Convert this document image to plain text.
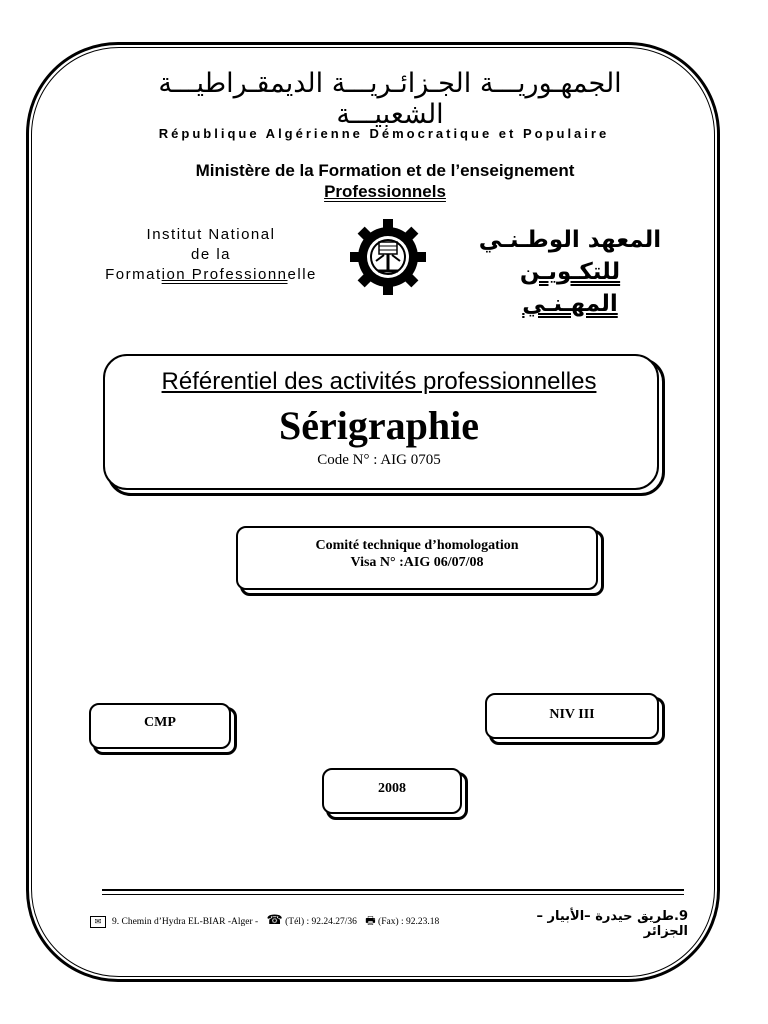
الجمهـوريـــة الجـزائـريـــة الديمقـراطيـــة الشعبيـــة
République Algérienne Démocratique et Populaire
Ministère de la Formation et de l’enseignement
Professionnels
Institut National
de la
Formation Professionnelle
المعهد الوطـنـي
للتكـويـن المهـنـي
Référentiel des activités professionnelles
Sérigraphie
Code N° : AIG 0705
Comité technique d’homologation
Visa N° :AIG 06/07/08
CMP
NIV III
2008
✉ 9. Chemin d’Hydra EL-BIAR -Alger - ☎ (Tél) : 92.24.27/36 🖶 (Fax) : 92.23.18	9.طريق حيدرة –الأبيار – الجزائر
